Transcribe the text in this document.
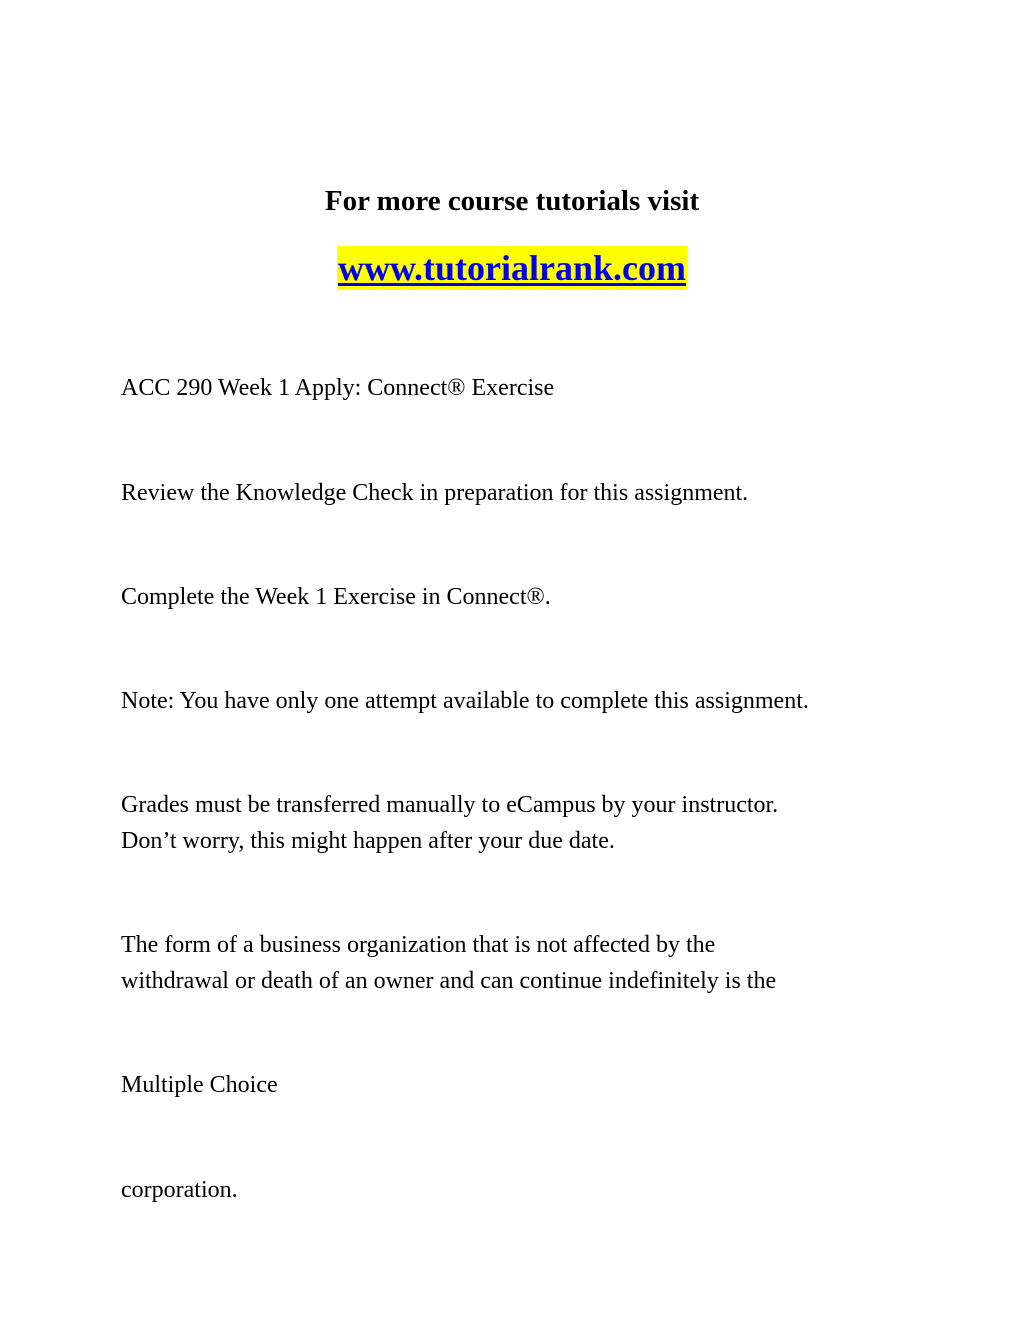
For more course tutorials visit
www.tutorialrank.com

ACC 290 Week 1 Apply: Connect® Exercise

Review the Knowledge Check in preparation for this assignment.

Complete the Week 1 Exercise in Connect®.

Note: You have only one attempt available to complete this assignment.

Grades must be transferred manually to eCampus by your instructor.
Don’t worry, this might happen after your due date.
The form of a business organization that is not affected by the
withdrawal or death of an owner and can continue indefinitely is the

Multiple Choice

corporation.
